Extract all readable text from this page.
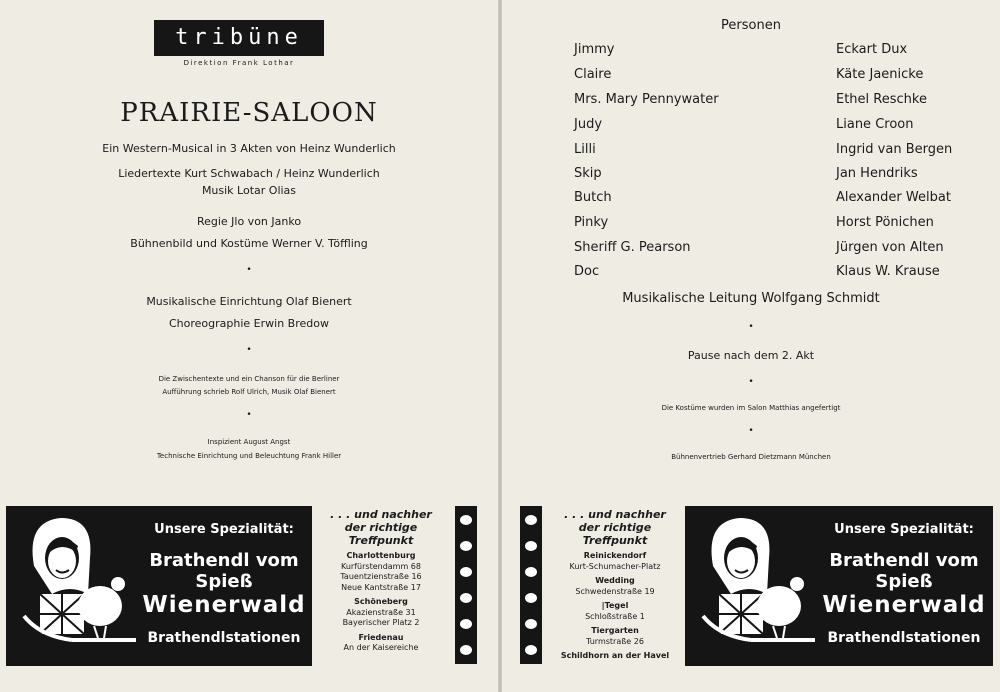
tribüne
Direktion Frank Lothar
PRAIRIE-SALOON
Ein Western-Musical in 3 Akten von Heinz Wunderlich
Liedertexte Kurt Schwabach / Heinz Wunderlich
Musik Lotar Olias
Regie Jlo von Janko
Bühnenbild und Kostüme Werner V. Töffling
•
Musikalische Einrichtung Olaf Bienert
Choreographie Erwin Bredow
•
Die Zwischentexte und ein Chanson für die Berliner
Aufführung schrieb Rolf Ulrich, Musik Olaf Bienert
•
Inspizient August Angst
Technische Einrichtung und Beleuchtung Frank Hiller
Unsere Spezialität:
Brathendl vom Spieß
Wienerwald
Brathendlstationen
. . . und nachher
der richtige Treffpunkt
Charlottenburg
Kurfürstendamm 68
Tauentzienstraße 16
Neue Kantstraße 17
Schöneberg
Akazienstraße 31
Bayerischer Platz 2
Friedenau
An der Kaisereiche
Personen
Jimmy	Eckart Dux
Claire	Käte Jaenicke
Mrs. Mary Pennywater	Ethel Reschke
Judy	Liane Croon
Lilli	Ingrid van Bergen
Skip	Jan Hendriks
Butch	Alexander Welbat
Pinky	Horst Pönichen
Sheriff G. Pearson	Jürgen von Alten
Doc	Klaus W. Krause
Musikalische Leitung Wolfgang Schmidt
•
Pause nach dem 2. Akt
•
Die Kostüme wurden im Salon Matthias angefertigt
•
Bühnenvertrieb Gerhard Dietzmann München
. . . und nachher
der richtige Treffpunkt
Reinickendorf
Kurt-Schumacher-Platz
Wedding
Schwedenstraße 19
|Tegel
Schloßstraße 1
Tiergarten
Turmstraße 26
Schildhorn an der Havel
Unsere Spezialität:
Brathendl vom Spieß
Wienerwald
Brathendlstationen
